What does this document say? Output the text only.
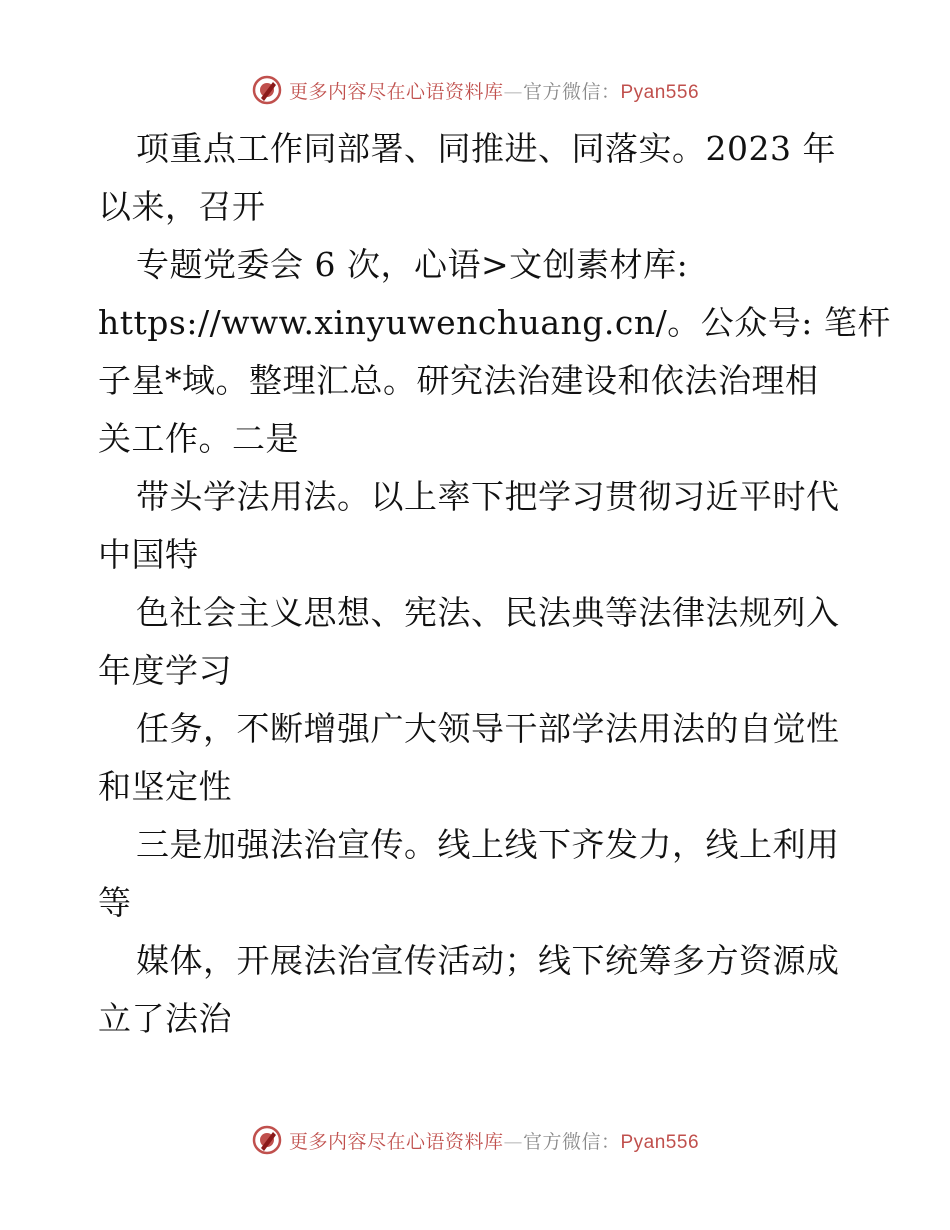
更多内容尽在心语资料库—官方微信：Pyan556
项重点工作同部署、同推进、同落实。2023 年
以来，召开
专题党委会 6 次，心语>文创素材库:
https://www.xinyuwenchuang.cn/。公众号: 笔杆
子星*域。整理汇总。研究法治建设和依法治理相
关工作。二是
带头学法用法。以上率下把学习贯彻习近平时代
中国特
色社会主义思想、宪法、民法典等法律法规列入
年度学习
任务，不断增强广大领导干部学法用法的自觉性
和坚定性
三是加强法治宣传。线上线下齐发力，线上利用
等
媒体，开展法治宣传活动；线下统筹多方资源成
立了法治
更多内容尽在心语资料库—官方微信：Pyan556
